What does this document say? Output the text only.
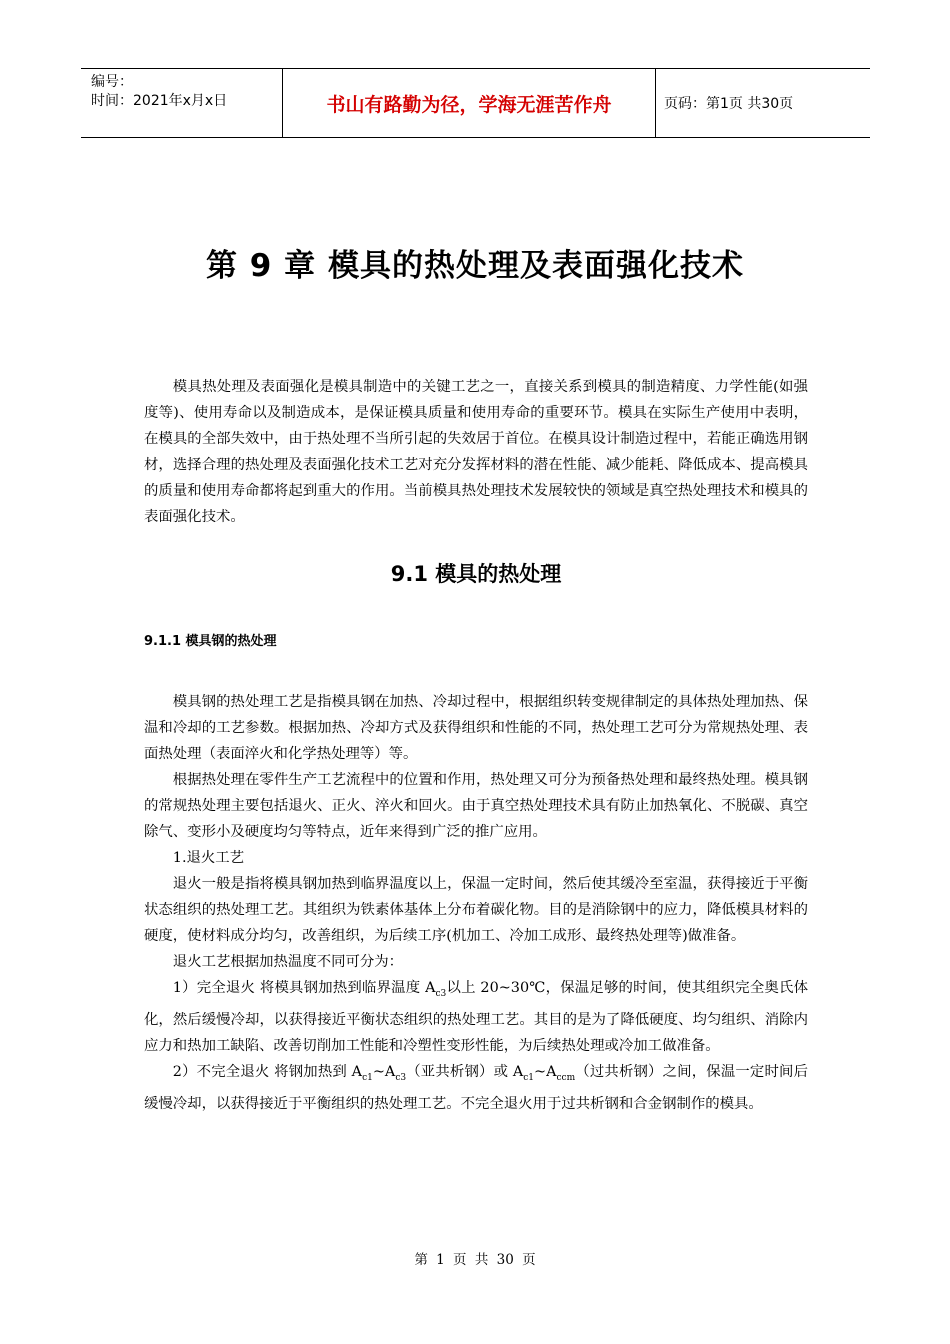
编号：
时间：2021年x月x日	书山有路勤为径，学海无涯苦作舟	页码：第1页 共30页
第 9 章 模具的热处理及表面强化技术

模具热处理及表面强化是模具制造中的关键工艺之一，直接关系到模具的制造精度、力学性能(如强度等)、使用寿命以及制造成本，是保证模具质量和使用寿命的重要环节。模具在实际生产使用中表明，在模具的全部失效中，由于热处理不当所引起的失效居于首位。在模具设计制造过程中，若能正确选用钢材，选择合理的热处理及表面强化技术工艺对充分发挥材料的潜在性能、减少能耗、降低成本、提高模具的质量和使用寿命都将起到重大的作用。当前模具热处理技术发展较快的领域是真空热处理技术和模具的表面强化技术。

9.1 模具的热处理

9.1.1 模具钢的热处理

模具钢的热处理工艺是指模具钢在加热、冷却过程中，根据组织转变规律制定的具体热处理加热、保温和冷却的工艺参数。根据加热、冷却方式及获得组织和性能的不同，热处理工艺可分为常规热处理、表面热处理（表面淬火和化学热处理等）等。

根据热处理在零件生产工艺流程中的位置和作用，热处理又可分为预备热处理和最终热处理。模具钢的常规热处理主要包括退火、正火、淬火和回火。由于真空热处理技术具有防止加热氧化、不脱碳、真空除气、变形小及硬度均匀等特点，近年来得到广泛的推广应用。

1.退火工艺

退火一般是指将模具钢加热到临界温度以上，保温一定时间，然后使其缓冷至室温，获得接近于平衡状态组织的热处理工艺。其组织为铁素体基体上分布着碳化物。目的是消除钢中的应力，降低模具材料的硬度，使材料成分均匀，改善组织，为后续工序(机加工、冷加工成形、最终热处理等)做准备。

退火工艺根据加热温度不同可分为：

1）完全退火 将模具钢加热到临界温度 $A_{c3}$以上 20~30℃，保温足够的时间，使其组织完全奥氏体化，然后缓慢冷却，以获得接近平衡状态组织的热处理工艺。其目的是为了降低硬度、均匀组织、消除内应力和热加工缺陷、改善切削加工性能和冷塑性变形性能，为后续热处理或冷加工做准备。

2）不完全退火 将钢加热到 $A_{c1}\sim A_{c3}$（亚共析钢）或 $A_{c1}\sim A_{ccm}$（过共析钢）之间，保温一定时间后缓慢冷却，以获得接近于平衡组织的热处理工艺。不完全退火用于过共析钢和合金钢制作的模具。

第 1 页 共 30 页
